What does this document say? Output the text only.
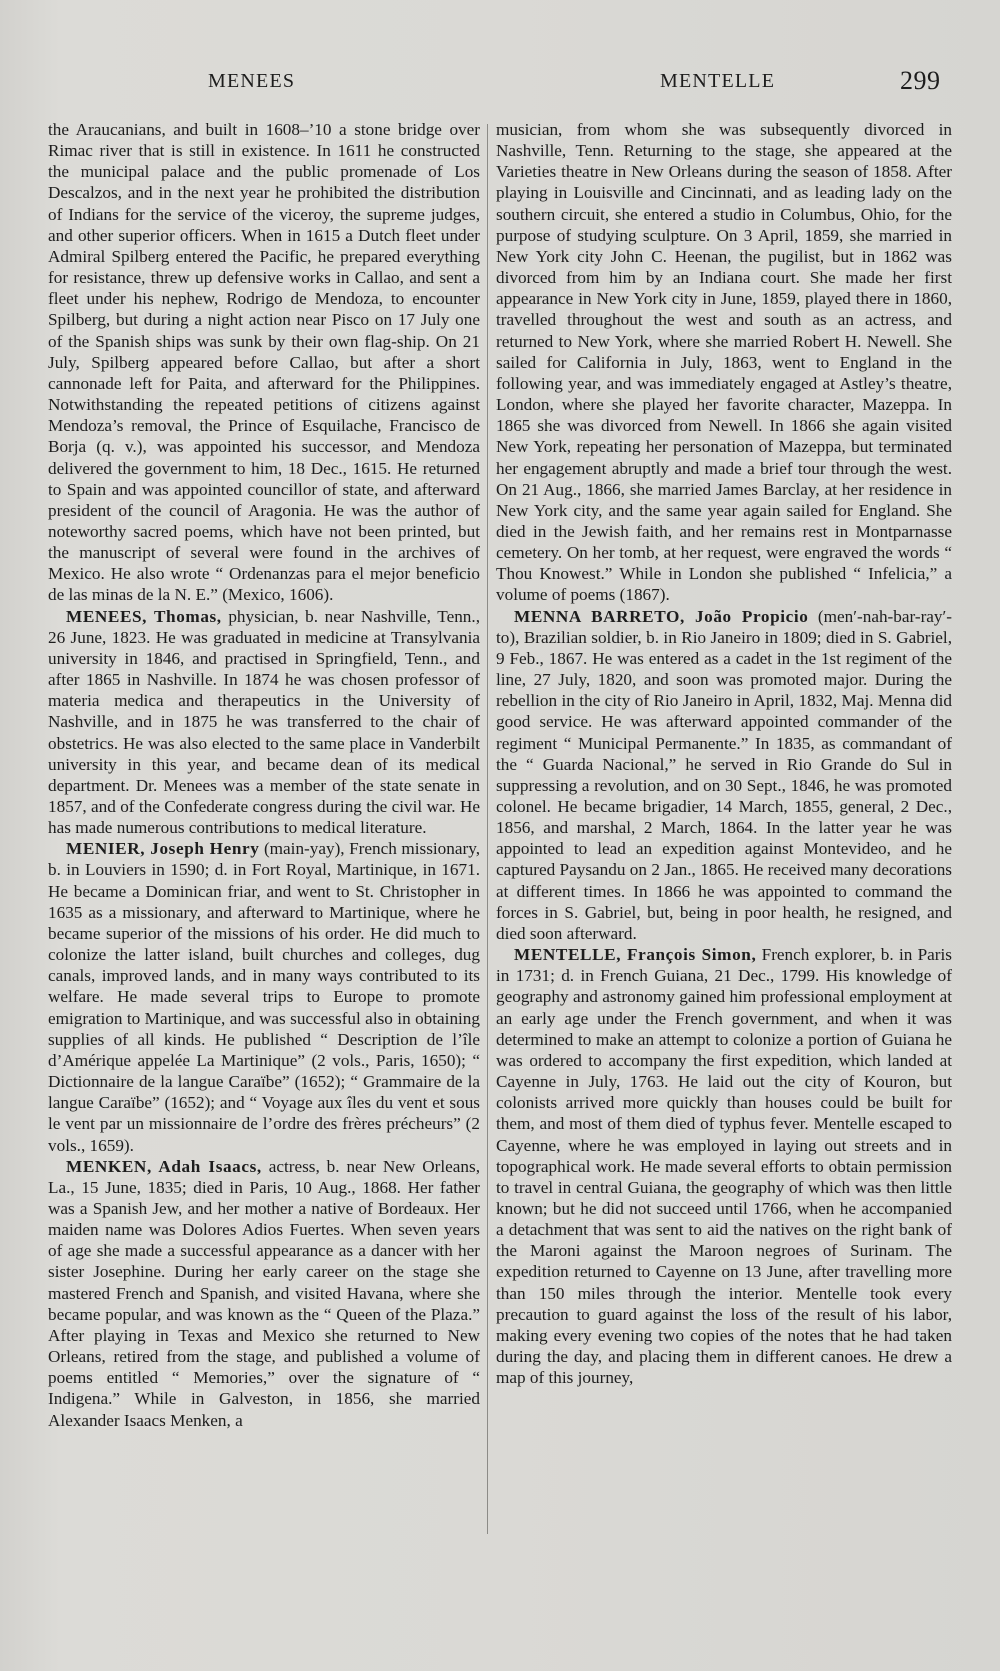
MENEES	MENTELLE	299

the Araucanians, and built in 1608–’10 a stone bridge over Rimac river that is still in existence. In 1611 he constructed the municipal palace and the public promenade of Los Descalzos, and in the next year he prohibited the distribution of Indians for the service of the viceroy, the supreme judges, and other superior officers. When in 1615 a Dutch fleet under Admiral Spilberg entered the Pacific, he prepared everything for resistance, threw up defensive works in Callao, and sent a fleet under his nephew, Rodrigo de Mendoza, to encounter Spilberg, but during a night action near Pisco on 17 July one of the Spanish ships was sunk by their own flag-ship. On 21 July, Spilberg appeared before Callao, but after a short cannonade left for Paita, and afterward for the Philippines. Notwithstanding the repeated petitions of citizens against Mendoza’s removal, the Prince of Esquilache, Francisco de Borja (q. v.), was appointed his successor, and Mendoza delivered the government to him, 18 Dec., 1615. He returned to Spain and was appointed councillor of state, and afterward president of the council of Aragonia. He was the author of noteworthy sacred poems, which have not been printed, but the manuscript of several were found in the archives of Mexico. He also wrote “ Ordenanzas para el mejor beneficio de las minas de la N. E.” (Mexico, 1606).

MENEES, Thomas, physician, b. near Nashville, Tenn., 26 June, 1823. He was graduated in medicine at Transylvania university in 1846, and practised in Springfield, Tenn., and after 1865 in Nashville. In 1874 he was chosen professor of materia medica and therapeutics in the University of Nashville, and in 1875 he was transferred to the chair of obstetrics. He was also elected to the same place in Vanderbilt university in this year, and became dean of its medical department. Dr. Menees was a member of the state senate in 1857, and of the Confederate congress during the civil war. He has made numerous contributions to medical literature.

MENIER, Joseph Henry (main-yay), French missionary, b. in Louviers in 1590; d. in Fort Royal, Martinique, in 1671. He became a Dominican friar, and went to St. Christopher in 1635 as a missionary, and afterward to Martinique, where he became superior of the missions of his order. He did much to colonize the latter island, built churches and colleges, dug canals, improved lands, and in many ways contributed to its welfare. He made several trips to Europe to promote emigration to Martinique, and was successful also in obtaining supplies of all kinds. He published “ Description de l’île d’Amérique appelée La Martinique” (2 vols., Paris, 1650); “ Dictionnaire de la langue Caraïbe” (1652); “ Grammaire de la langue Caraïbe” (1652); and “ Voyage aux îles du vent et sous le vent par un missionnaire de l’ordre des frères précheurs” (2 vols., 1659).

MENKEN, Adah Isaacs, actress, b. near New Orleans, La., 15 June, 1835; died in Paris, 10 Aug., 1868. Her father was a Spanish Jew, and her mother a native of Bordeaux. Her maiden name was Dolores Adios Fuertes. When seven years of age she made a successful appearance as a dancer with her sister Josephine. During her early career on the stage she mastered French and Spanish, and visited Havana, where she became popular, and was known as the “ Queen of the Plaza.” After playing in Texas and Mexico she returned to New Orleans, retired from the stage, and published a volume of poems entitled “ Memories,” over the signature of “ Indigena.” While in Galveston, in 1856, she married Alexander Isaacs Menken, a

musician, from whom she was subsequently divorced in Nashville, Tenn. Returning to the stage, she appeared at the Varieties theatre in New Orleans during the season of 1858. After playing in Louisville and Cincinnati, and as leading lady on the southern circuit, she entered a studio in Columbus, Ohio, for the purpose of studying sculpture. On 3 April, 1859, she married in New York city John C. Heenan, the pugilist, but in 1862 was divorced from him by an Indiana court. She made her first appearance in New York city in June, 1859, played there in 1860, travelled throughout the west and south as an actress, and returned to New York, where she married Robert H. Newell. She sailed for California in July, 1863, went to England in the following year, and was immediately engaged at Astley’s theatre, London, where she played her favorite character, Mazeppa. In 1865 she was divorced from Newell. In 1866 she again visited New York, repeating her personation of Mazeppa, but terminated her engagement abruptly and made a brief tour through the west. On 21 Aug., 1866, she married James Barclay, at her residence in New York city, and the same year again sailed for England. She died in the Jewish faith, and her remains rest in Montparnasse cemetery. On her tomb, at her request, were engraved the words “ Thou Knowest.” While in London she published “ Infelicia,” a volume of poems (1867).

MENNA BARRETO, João Propicio (men′-nah-bar-ray′-to), Brazilian soldier, b. in Rio Janeiro in 1809; died in S. Gabriel, 9 Feb., 1867. He was entered as a cadet in the 1st regiment of the line, 27 July, 1820, and soon was promoted major. During the rebellion in the city of Rio Janeiro in April, 1832, Maj. Menna did good service. He was afterward appointed commander of the regiment “ Municipal Permanente.” In 1835, as commandant of the “ Guarda Nacional,” he served in Rio Grande do Sul in suppressing a revolution, and on 30 Sept., 1846, he was promoted colonel. He became brigadier, 14 March, 1855, general, 2 Dec., 1856, and marshal, 2 March, 1864. In the latter year he was appointed to lead an expedition against Montevideo, and he captured Paysandu on 2 Jan., 1865. He received many decorations at different times. In 1866 he was appointed to command the forces in S. Gabriel, but, being in poor health, he resigned, and died soon afterward.

MENTELLE, François Simon, French explorer, b. in Paris in 1731; d. in French Guiana, 21 Dec., 1799. His knowledge of geography and astronomy gained him professional employment at an early age under the French government, and when it was determined to make an attempt to colonize a portion of Guiana he was ordered to accompany the first expedition, which landed at Cayenne in July, 1763. He laid out the city of Kouron, but colonists arrived more quickly than houses could be built for them, and most of them died of typhus fever. Mentelle escaped to Cayenne, where he was employed in laying out streets and in topographical work. He made several efforts to obtain permission to travel in central Guiana, the geography of which was then little known; but he did not succeed until 1766, when he accompanied a detachment that was sent to aid the natives on the right bank of the Maroni against the Maroon negroes of Surinam. The expedition returned to Cayenne on 13 June, after travelling more than 150 miles through the interior. Mentelle took every precaution to guard against the loss of the result of his labor, making every evening two copies of the notes that he had taken during the day, and placing them in different canoes. He drew a map of this journey,
